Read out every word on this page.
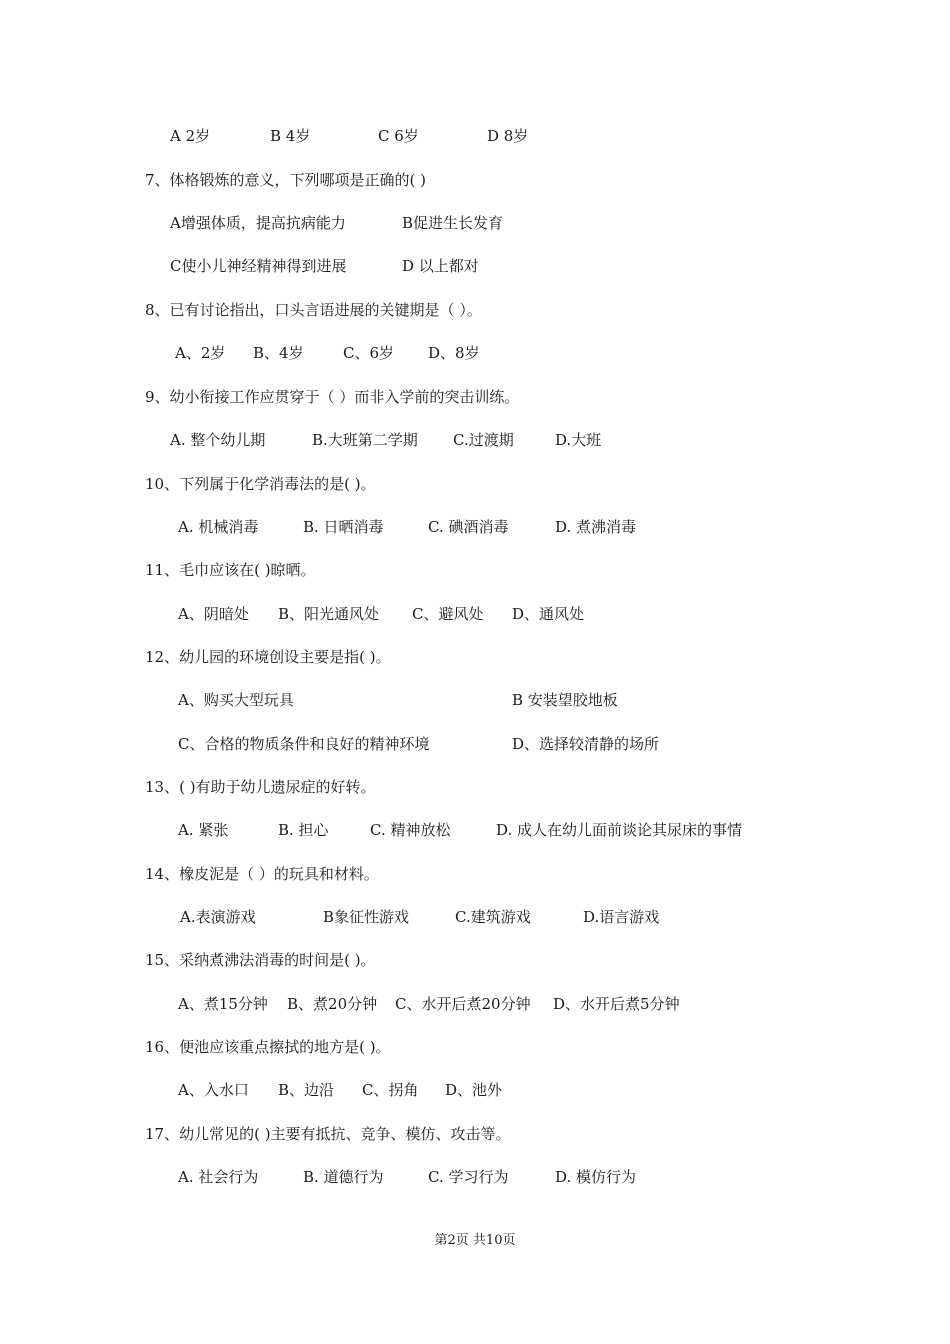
A 2岁	B 4岁	C 6岁	D 8岁
7、体格锻炼的意义，下列哪项是正确的( )
A增强体质，提高抗病能力	B促进生长发育
C使小儿神经精神得到进展	D 以上都对
8、已有讨论指出，口头言语进展的关键期是（ ）。
A、2岁 B、4岁	C、6岁 D、8岁
9、幼小衔接工作应贯穿于（ ）而非入学前的突击训练。
A. 整个幼儿期	B.大班第二学期 C.过渡期	D.大班
10、下列属于化学消毒法的是( )。
A. 机械消毒	B. 日晒消毒	C. 碘酒消毒	D. 煮沸消毒
11、毛巾应该在( )晾晒。
A、阴暗处 B、阳光通风处 C、避风处 D、通风处
12、幼儿园的环境创设主要是指( )。
A、购买大型玩具	B 安装望胶地板
C、合格的物质条件和良好的精神环境	D、选择较清静的场所
13、( )有助于幼儿遗尿症的好转。
A. 紧张	B. 担心	C. 精神放松	D. 成人在幼儿面前谈论其尿床的事情
14、橡皮泥是（ ）的玩具和材料。
A.表演游戏	B象征性游戏	C.建筑游戏	D.语言游戏
15、采纳煮沸法消毒的时间是( )。
A、煮15分钟 B、煮20分钟 C、水开后煮20分钟 D、水开后煮5分钟
16、便池应该重点擦拭的地方是( )。
A、入水口 B、边沿 C、拐角 D、池外
17、幼儿常见的( )主要有抵抗、竞争、模仿、攻击等。
A. 社会行为	B. 道德行为	C. 学习行为	D. 模仿行为
第2页 共10页
